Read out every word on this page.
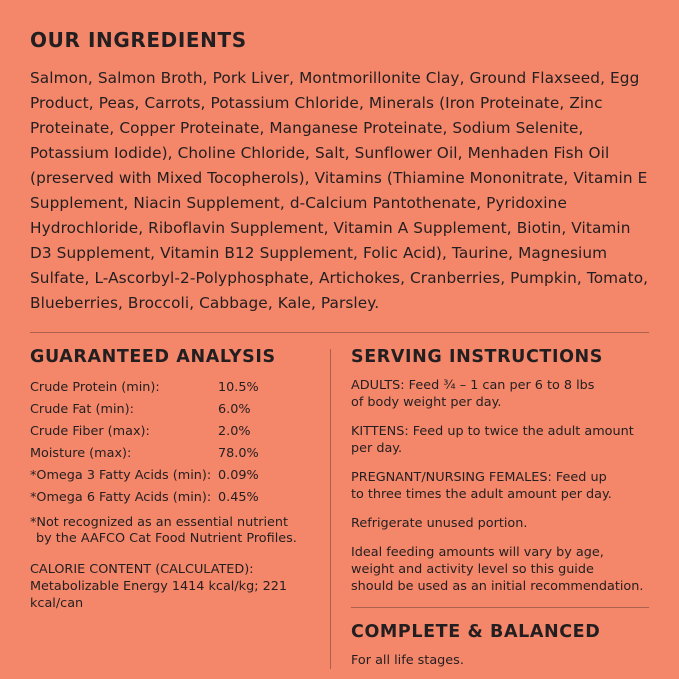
OUR INGREDIENTS

Salmon, Salmon Broth, Pork Liver, Montmorillonite Clay, Ground Flaxseed, Egg Product, Peas, Carrots, Potassium Chloride, Minerals (Iron Proteinate, Zinc Proteinate, Copper Proteinate, Manganese Proteinate, Sodium Selenite, Potassium Iodide), Choline Chloride, Salt, Sunflower Oil, Menhaden Fish Oil (preserved with Mixed Tocopherols), Vitamins (Thiamine Mononitrate, Vitamin E Supplement, Niacin Supplement, d-Calcium Pantothenate, Pyridoxine Hydrochloride, Riboflavin Supplement, Vitamin A Supplement, Biotin, Vitamin D3 Supplement, Vitamin B12 Supplement, Folic Acid), Taurine, Magnesium Sulfate, L-Ascorbyl-2-Polyphosphate, Artichokes, Cranberries, Pumpkin, Tomato, Blueberries, Broccoli, Cabbage, Kale, Parsley.

GUARANTEED ANALYSIS
Crude Protein (min):	10.5%
Crude Fat (min):	6.0%
Crude Fiber (max):	2.0%
Moisture (max):	78.0%
*Omega 3 Fatty Acids (min):	0.09%
*Omega 6 Fatty Acids (min):	0.45%

*Not recognized as an essential nutrient
by the AAFCO Cat Food Nutrient Profiles.

CALORIE CONTENT (CALCULATED):
Metabolizable Energy 1414 kcal/kg; 221 kcal/can

SERVING INSTRUCTIONS

ADULTS: Feed ¾ – 1 can per 6 to 8 lbs
of body weight per day.

KITTENS: Feed up to twice the adult amount per day.

PREGNANT/NURSING FEMALES: Feed up
to three times the adult amount per day.

Refrigerate unused portion.

Ideal feeding amounts will vary by age,
weight and activity level so this guide
should be used as an initial recommendation.

COMPLETE & BALANCED

For all life stages.
